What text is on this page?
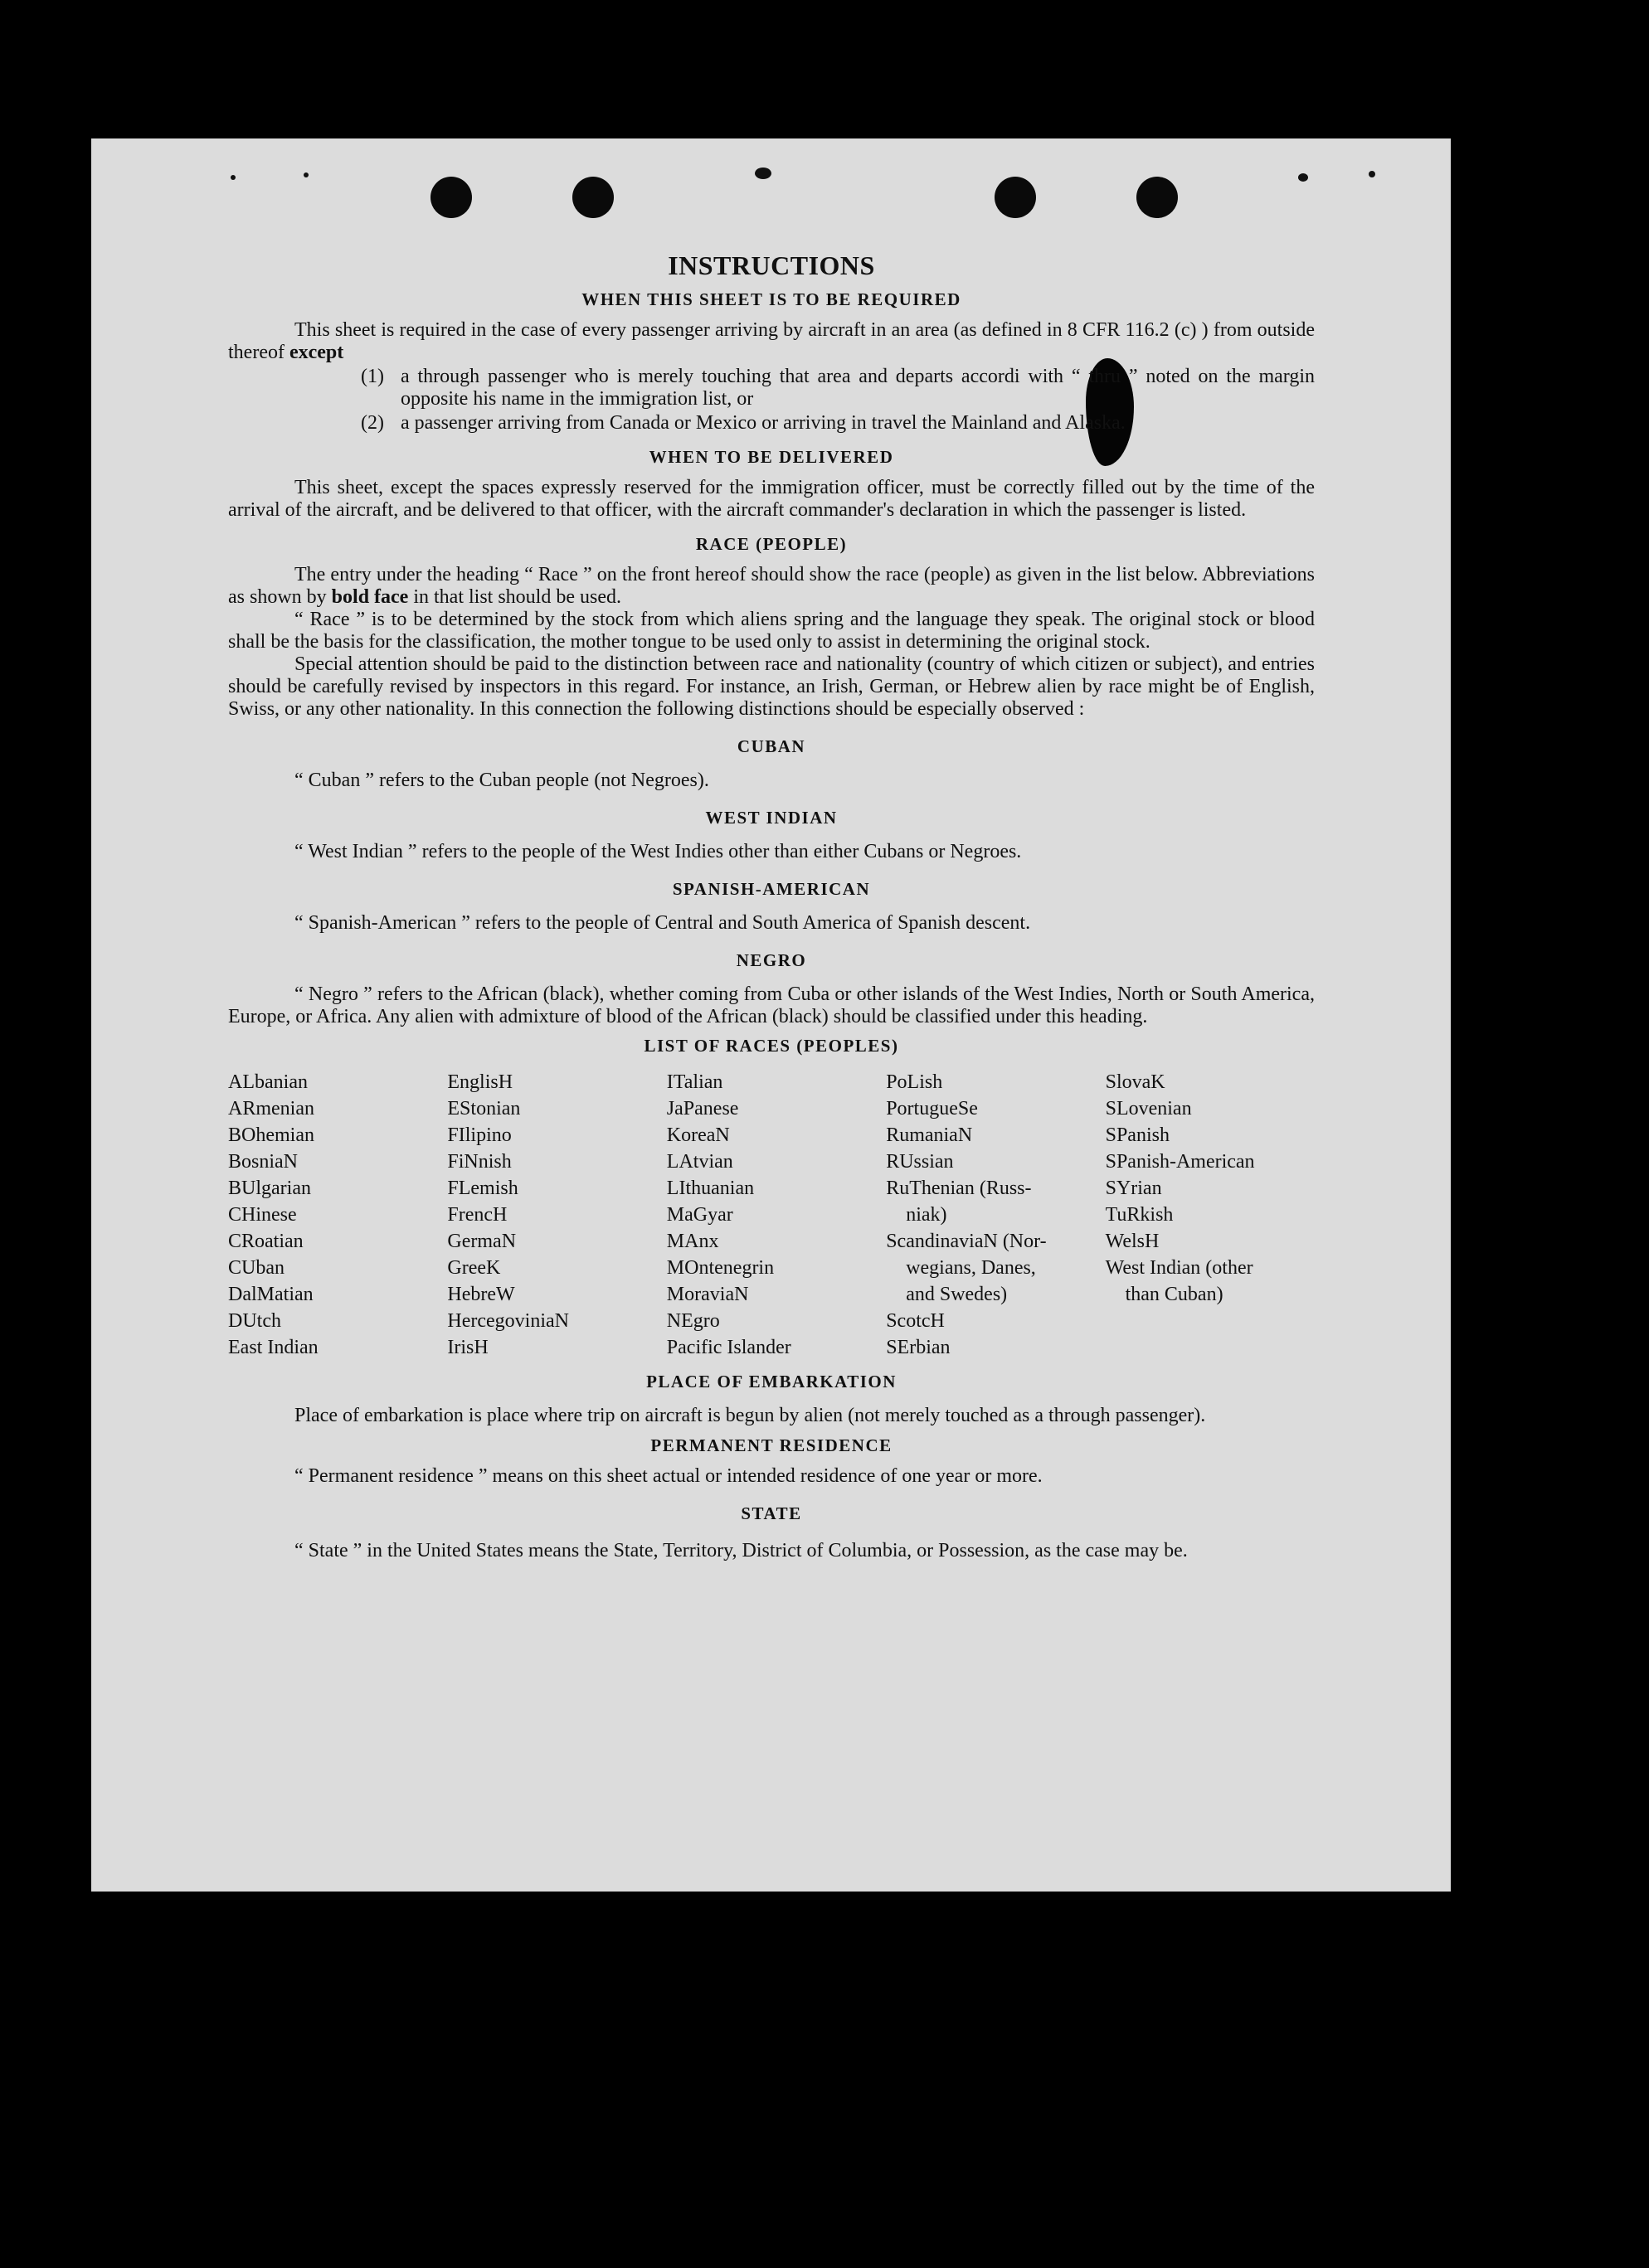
INSTRUCTIONS
WHEN THIS SHEET IS TO BE REQUIRED

This sheet is required in the case of every passenger arriving by aircraft in an area (as defined in 8 CFR 116.2 (c) ) from outside thereof except

(1) a through passenger who is merely touching that area and departs accordi with “ thru ” noted on the margin opposite his name in the immigration list, or
(2) a passenger arriving from Canada or Mexico or arriving in travel the Mainland and Alaska.
WHEN TO BE DELIVERED

This sheet, except the spaces expressly reserved for the immigration officer, must be correctly filled out by the time of the arrival of the aircraft, and be delivered to that officer, with the aircraft commander's declaration in which the passenger is listed.

RACE (PEOPLE)

The entry under the heading “ Race ” on the front hereof should show the race (people) as given in the list below. Abbreviations as shown by bold face in that list should be used.

“ Race ” is to be determined by the stock from which aliens spring and the language they speak. The original stock or blood shall be the basis for the classification, the mother tongue to be used only to assist in determining the original stock.

Special attention should be paid to the distinction between race and nationality (country of which citizen or subject), and entries should be carefully revised by inspectors in this regard. For instance, an Irish, German, or Hebrew alien by race might be of English, Swiss, or any other nationality. In this connection the following distinctions should be especially observed :

CUBAN

“ Cuban ” refers to the Cuban people (not Negroes).

WEST INDIAN

“ West Indian ” refers to the people of the West Indies other than either Cubans or Negroes.

SPANISH-AMERICAN

“ Spanish-American ” refers to the people of Central and South America of Spanish descent.

NEGRO

“ Negro ” refers to the African (black), whether coming from Cuba or other islands of the West Indies, North or South America, Europe, or Africa. Any alien with admixture of blood of the African (black) should be classified under this heading.

LIST OF RACES (PEOPLES)
ALbanian
ARmenian
BOhemian
BosniaN
BUlgarian
CHinese
CRoatian
CUban
DalMatian
DUtch
East Indian
EnglisH
EStonian
FIlipino
FiNnish
FLemish
FrencH
GermaN
GreeK
HebreW
HercegoviniaN
IrisH
ITalian
JaPanese
KoreaN
LAtvian
LIthuanian
MaGyar
MAnx
MOntenegrin
MoraviaN
NEgro
Pacific Islander
PoLish
PortugueSe
RumaniaN
RUssian
RuThenian (Russ-
niak)
ScandinaviaN (Nor-
wegians, Danes,
and Swedes)
ScotcH
SErbian
SlovaK
SLovenian
SPanish
SPanish-American
SYrian
TuRkish
WelsH
West Indian (other
than Cuban)
PLACE OF EMBARKATION

Place of embarkation is place where trip on aircraft is begun by alien (not merely touched as a through passenger).

PERMANENT RESIDENCE

“ Permanent residence ” means on this sheet actual or intended residence of one year or more.

STATE

“ State ” in the United States means the State, Territory, District of Columbia, or Possession, as the case may be.
